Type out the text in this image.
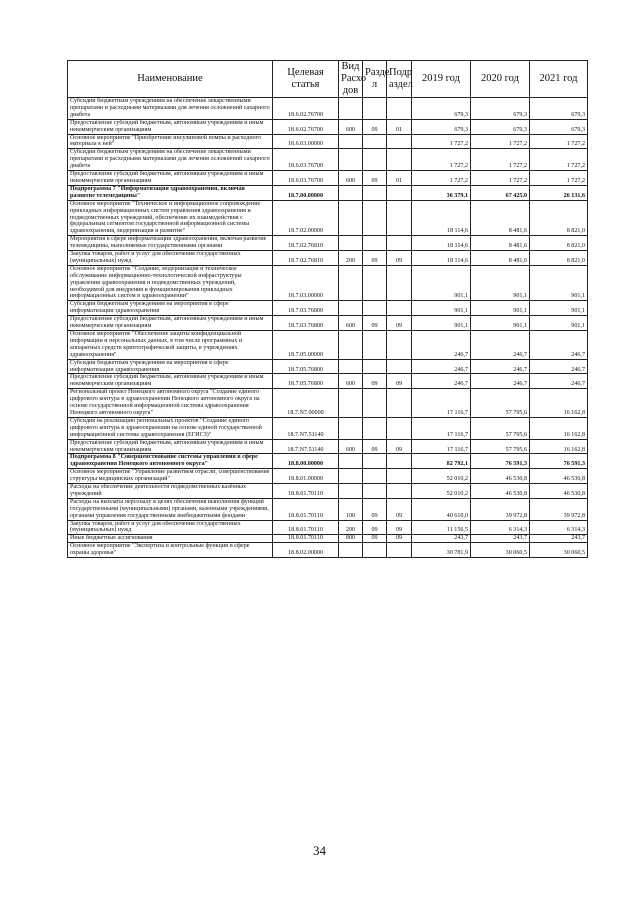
Наименование	Целевая статья	Вид Расхо дов	Разде л	Подр аздел	2019 год	2020 год	2021 год
Субсидии бюджетным учреждениям на обеспечение лекарственными препаратами и расходными материалами для лечения осложнений сахарного диабета	18.6.02.76700				679,3	679,3	679,3
Предоставление субсидий бюджетным, автономным учреждениям и иным некоммерческим организациям	18.6.02.76700	600	09	01	679,3	679,3	679,3
Основное мероприятие "Приобретение инсулиновой помпы и расходного материала к ней"	18.6.03.00000				1 727,2	1 727,2	1 727,2
Субсидии бюджетным учреждениям на обеспечение лекарственными препаратами и расходными материалами для лечения осложнений сахарного диабета	18.6.03.76700				1 727,2	1 727,2	1 727,2
Предоставление субсидий бюджетным, автономным учреждениям и иным некоммерческим организациям	18.6.03.76700	600	09	01	1 727,2	1 727,2	1 727,2
Подпрограмма 7 "Информатизация здравоохранения, включая развитие телемедицины"	18.7.00.00000				36 379,1	67 425,0	26 131,6
Основное мероприятие "Техническое и информационное сопровождение прикладных информационных систем управления здравоохранения и подведомственных учреждений, обеспечение их взаимодействия с федеральным сегментом государственной информационной системы здравоохранения, модернизация и развитие"	18.7.02.00000				18 114,6	8 481,6	8 821,0
Мероприятия в сфере информатизации здравоохранения, включая развитие телемедицины, выполняемые государственными органами	18.7.02.76810				18 114,6	8 481,6	8 821,0
Закупка товаров, работ и услуг для обеспечения государственных (муниципальных) нужд	18.7.02.76810	200	09	09	18 114,6	8 481,6	8 821,0
Основное мероприятие "Создание, модернизация и техническое обслуживание информационно-технологической инфраструктуры управления здравоохранения и подведомственных учреждений, необходимой для внедрения и функционирования прикладных информационных систем в здравоохранении"	18.7.03.00000				901,1	901,1	901,1
Субсидии бюджетным учреждениям на мероприятия в сфере информатизации здравоохранения	18.7.03.76800				901,1	901,1	901,1
Предоставление субсидий бюджетным, автономным учреждениям и иным некоммерческим организациям	18.7.03.76800	600	09	09	901,1	901,1	901,1
Основное мероприятие "Обеспечение защиты конфиденциальной информации и персональных данных, в том числе программных и аппаратных средств криптографической защиты, в учреждениях здравоохранения"	18.7.05.00000				246,7	246,7	246,7
Субсидии бюджетным учреждениям на мероприятия в сфере информатизации здравоохранения	18.7.05.76800				246,7	246,7	246,7
Предоставление субсидий бюджетным, автономным учреждениям и иным некоммерческим организациям	18.7.05.76800	600	09	09	246,7	246,7	246,7
Региональный проект Ненецкого автономного округа "Создание единого цифрового контура в здравоохранении Ненецкого автономного округа на основе государственной информационной системы здравоохранения Ненецкого автономного округа"	18.7.N7.00000				17 116,7	57 795,6	16 162,8
Субсидия на реализацию региональных проектов "Создание единого цифрового контура в здравоохранении на основе единой государственной информационной системы здравоохранения (ЕГИСЗ)"	18.7.N7.51140				17 116,7	57 795,6	16 162,8
Предоставление субсидий бюджетным, автономным учреждениям и иным некоммерческим организациям	18.7.N7.51140	600	09	09	17 116,7	57 795,6	16 162,8
Подпрограмма 8 "Совершенствование системы управления в сфере здравоохранения Ненецкого автономного округа"	18.8.00.00000				82 792,1	76 591,3	76 591,3
Основное мероприятие "Управление развитием отрасли, совершенствование структуры медицинских организаций"	18.8.01.00000				52 010,2	46 530,8	46 530,8
Расходы на обеспечение деятельности подведомственных казённых учреждений	18.8.01.70110				52 010,2	46 530,8	46 530,8
Расходы на выплаты персоналу в целях обеспечения выполнения функций государственными (муниципальными) органами, казенными учреждениями, органами управления государственными внебюджетными фондами	18.8.01.70110	100	09	09	40 610,0	39 972,8	39 972,8
Закупка товаров, работ и услуг для обеспечения государственных (муниципальных) нужд	18.8.01.70110	200	09	09	11 156,5	6 314,3	6 314,3
Иные бюджетные ассигнования	18.8.01.70110	800	09	09	243,7	243,7	243,7
Основное мероприятие "Экспертиза и контрольные функции в сфере охраны здоровья"	18.8.02.00000				30 781,9	30 060,5	30 060,5
34
